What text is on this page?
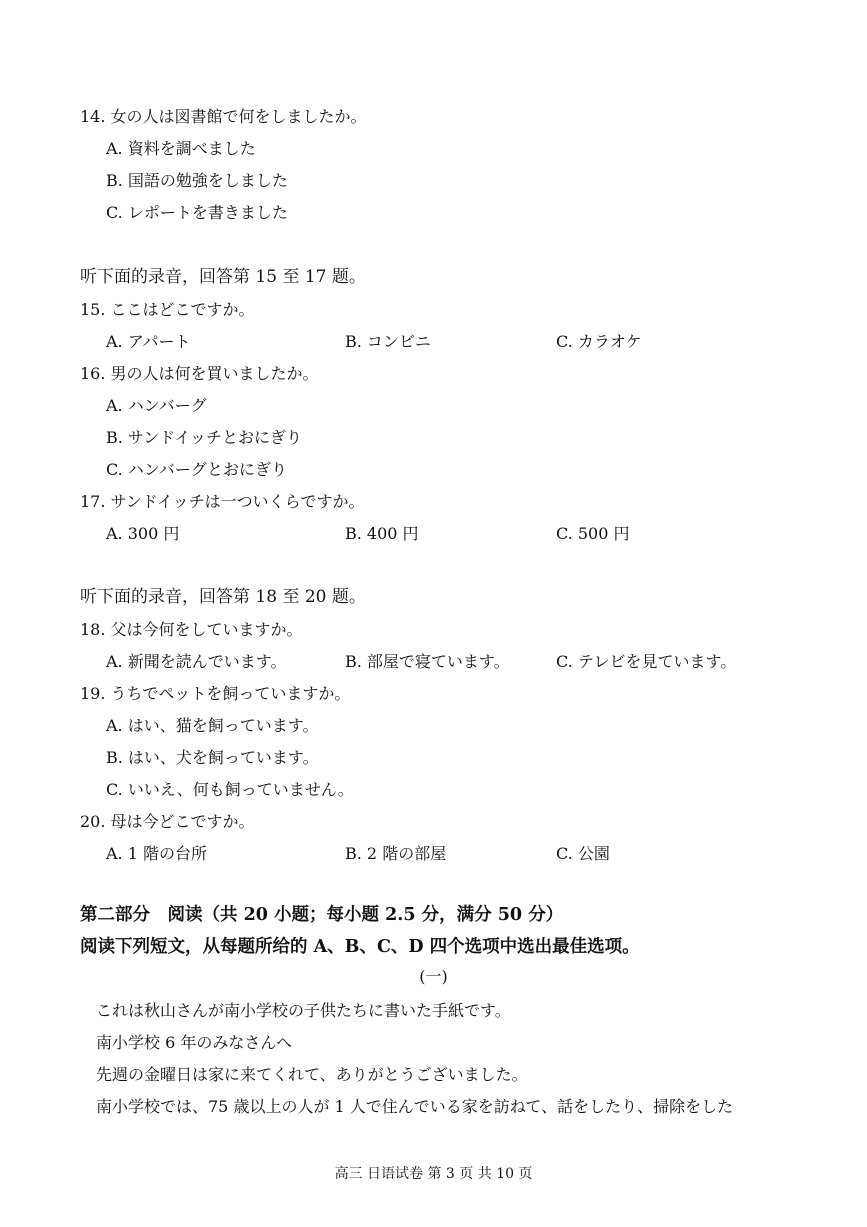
14. 女の人は図書館で何をしましたか。
A. 資料を調べました
B. 国語の勉強をしました
C. レポートを書きました
听下面的录音，回答第 15 至 17 题。
15. ここはどこですか。
A. アパート	B. コンビニ	C. カラオケ
16. 男の人は何を買いましたか。
A. ハンバーグ
B. サンドイッチとおにぎり
C. ハンバーグとおにぎり
17. サンドイッチは一ついくらですか。
A. 300 円	B. 400 円	C. 500 円
听下面的录音，回答第 18 至 20 题。
18. 父は今何をしていますか。
A. 新聞を読んでいます。	B. 部屋で寝ています。	C. テレビを見ています。
19. うちでペットを飼っていますか。
A. はい、猫を飼っています。
B. はい、犬を飼っています。
C. いいえ、何も飼っていません。
20. 母は今どこですか。
A. 1 階の台所	B. 2 階の部屋	C. 公園
第二部分　阅读（共 20 小题；每小题 2.5 分，满分 50 分）
阅读下列短文，从每题所给的 A、B、C、D 四个选项中选出最佳选项。
(一)
これは秋山さんが南小学校の子供たちに書いた手紙です。
南小学校 6 年のみなさんへ
先週の金曜日は家に来てくれて、ありがとうございました。
南小学校では、75 歳以上の人が 1 人で住んでいる家を訪ねて、話をしたり、掃除をした
高三 日语试卷 第 3 页 共 10 页
